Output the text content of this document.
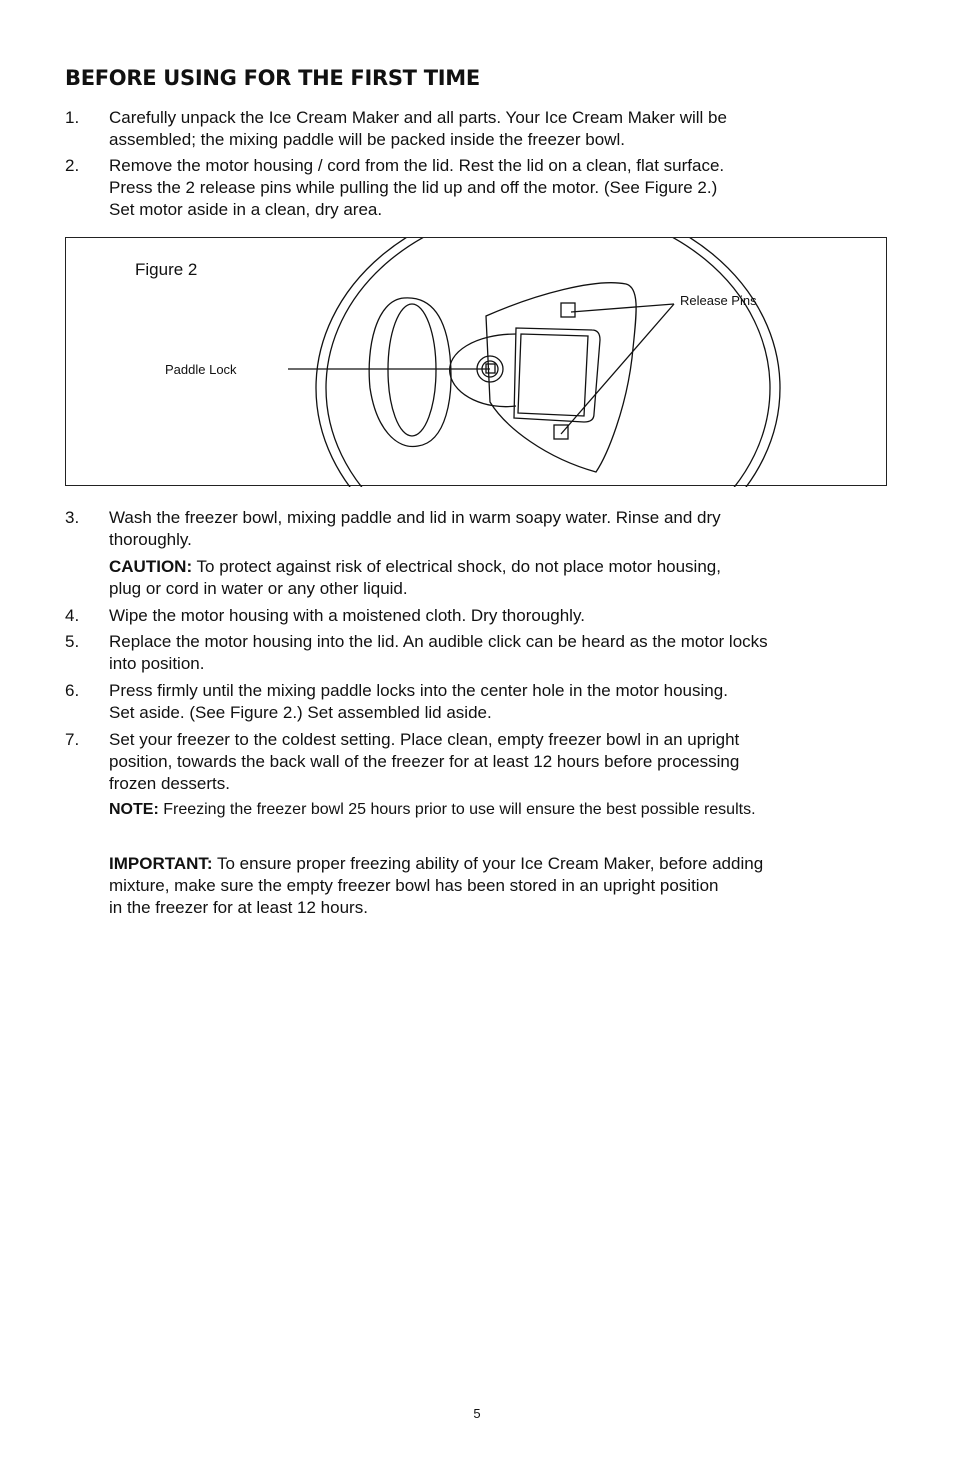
BEFORE USING FOR THE FIRST TIME
1. Carefully unpack the Ice Cream Maker and all parts. Your Ice Cream Maker will be
assembled; the mixing paddle will be packed inside the freezer bowl.
2. Remove the motor housing / cord from the lid. Rest the lid on a clean, flat surface.
Press the 2 release pins while pulling the lid up and off the motor. (See Figure 2.)
Set motor aside in a clean, dry area.
Figure 2
Release Pins
Paddle Lock
3. Wash the freezer bowl, mixing paddle and lid in warm soapy water. Rinse and dry
thoroughly.
CAUTION: To protect against risk of electrical shock, do not place motor housing,
plug or cord in water or any other liquid.
4. Wipe the motor housing with a moistened cloth. Dry thoroughly.
5. Replace the motor housing into the lid. An audible click can be heard as the motor locks
into position.
6. Press firmly until the mixing paddle locks into the center hole in the motor housing.
Set aside. (See Figure 2.) Set assembled lid aside.
7. Set your freezer to the coldest setting. Place clean, empty freezer bowl in an upright
position, towards the back wall of the freezer for at least 12 hours before processing
frozen desserts.
NOTE: Freezing the freezer bowl 25 hours prior to use will ensure the best possible results.
IMPORTANT: To ensure proper freezing ability of your Ice Cream Maker, before adding
mixture, make sure the empty freezer bowl has been stored in an upright position
in the freezer for at least 12 hours.
5
